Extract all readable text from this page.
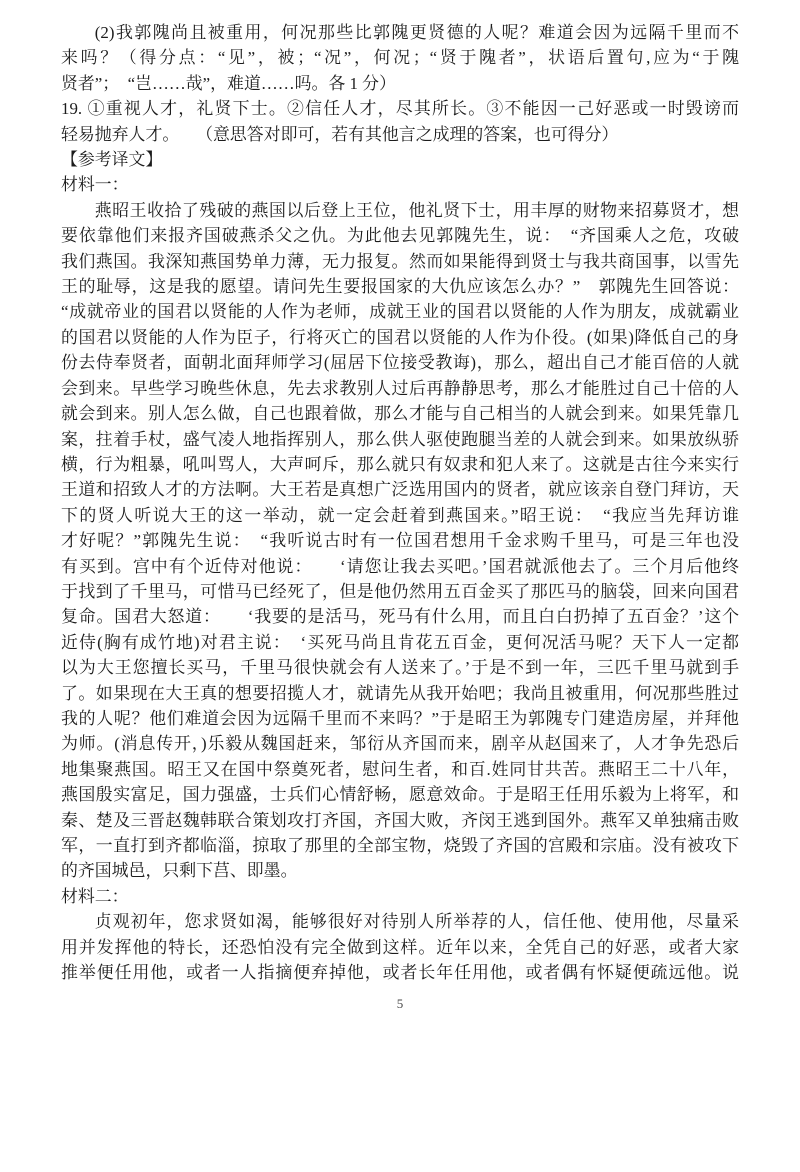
(2)我郭隗尚且被重用，何况那些比郭隗更贤德的人呢？难道会因为远隔千里而不
来吗？（得分点：“见”，被；“况”，何况；“贤于隗者”，状语后置句,应为“于隗
贤者”；　“岂……哉”，难道……吗。各 1 分）
19. ①重视人才，礼贤下士。②信任人才，尽其所长。③不能因一己好恶或一时毁谤而
轻易抛弃人才。　　（意思答对即可，若有其他言之成理的答案，也可得分）
【参考译文】
材料一：
燕昭王收拾了残破的燕国以后登上王位，他礼贤下士，用丰厚的财物来招募贤才，想
要依靠他们来报齐国破燕杀父之仇。为此他去见郭隗先生，说：　“齐国乘人之危，攻破
我们燕国。我深知燕国势单力薄，无力报复。然而如果能得到贤士与我共商国事，以雪先
王的耻辱，这是我的愿望。请问先生要报国家的大仇应该怎么办？”　郭隗先生回答说：
“成就帝业的国君以贤能的人作为老师，成就王业的国君以贤能的人作为朋友，成就霸业
的国君以贤能的人作为臣子，行将灭亡的国君以贤能的人作为仆役。(如果)降低自己的身
份去侍奉贤者，面朝北面拜师学习(屈居下位接受教诲)，那么，超出自己才能百倍的人就
会到来。早些学习晚些休息，先去求教别人过后再静静思考，那么才能胜过自己十倍的人
就会到来。别人怎么做，自己也跟着做，那么才能与自己相当的人就会到来。如果凭靠几
案，拄着手杖，盛气凌人地指挥别人，那么供人驱使跑腿当差的人就会到来。如果放纵骄
横，行为粗暴，吼叫骂人，大声呵斥，那么就只有奴隶和犯人来了。这就是古往今来实行
王道和招致人才的方法啊。大王若是真想广泛选用国内的贤者，就应该亲自登门拜访，天
下的贤人听说大王的这一举动，就一定会赶着到燕国来。”昭王说：　“我应当先拜访谁
才好呢？”郭隗先生说：　“我听说古时有一位国君想用千金求购千里马，可是三年也没
有买到。宫中有个近侍对他说：　　‘请您让我去买吧。’国君就派他去了。三个月后他终
于找到了千里马，可惜马已经死了，但是他仍然用五百金买了那匹马的脑袋，回来向国君
复命。国君大怒道：　　‘我要的是活马，死马有什么用，而且白白扔掉了五百金？’这个
近侍(胸有成竹地)对君主说：　‘买死马尚且肯花五百金，更何况活马呢？天下人一定都
以为大王您擅长买马，千里马很快就会有人送来了。’于是不到一年，三匹千里马就到手
了。如果现在大王真的想要招揽人才，就请先从我开始吧；我尚且被重用，何况那些胜过
我的人呢？他们难道会因为远隔千里而不来吗？”于是昭王为郭隗专门建造房屋，并拜他
为师。(消息传开，)乐毅从魏国赶来，邹衍从齐国而来，剧辛从赵国来了，人才争先恐后
地集聚燕国。昭王又在国中祭奠死者，慰问生者，和百.姓同甘共苦。燕昭王二十八年，
燕国殷实富足，国力强盛，士兵们心情舒畅，愿意效命。于是昭王任用乐毅为上将军，和
秦、楚及三晋赵魏韩联合策划攻打齐国，齐国大败，齐闵王逃到国外。燕军又单独痛击败
军，一直打到齐都临淄，掠取了那里的全部宝物，烧毁了齐国的宫殿和宗庙。没有被攻下
的齐国城邑，只剩下莒、即墨。
材料二：
贞观初年，您求贤如渴，能够很好对待别人所举荐的人，信任他、使用他，尽量采
用并发挥他的特长，还恐怕没有完全做到这样。近年以来，全凭自己的好恶，或者大家
推举便任用他，或者一人指摘便弃掉他，或者长年任用他，或者偶有怀疑便疏远他。说
5
